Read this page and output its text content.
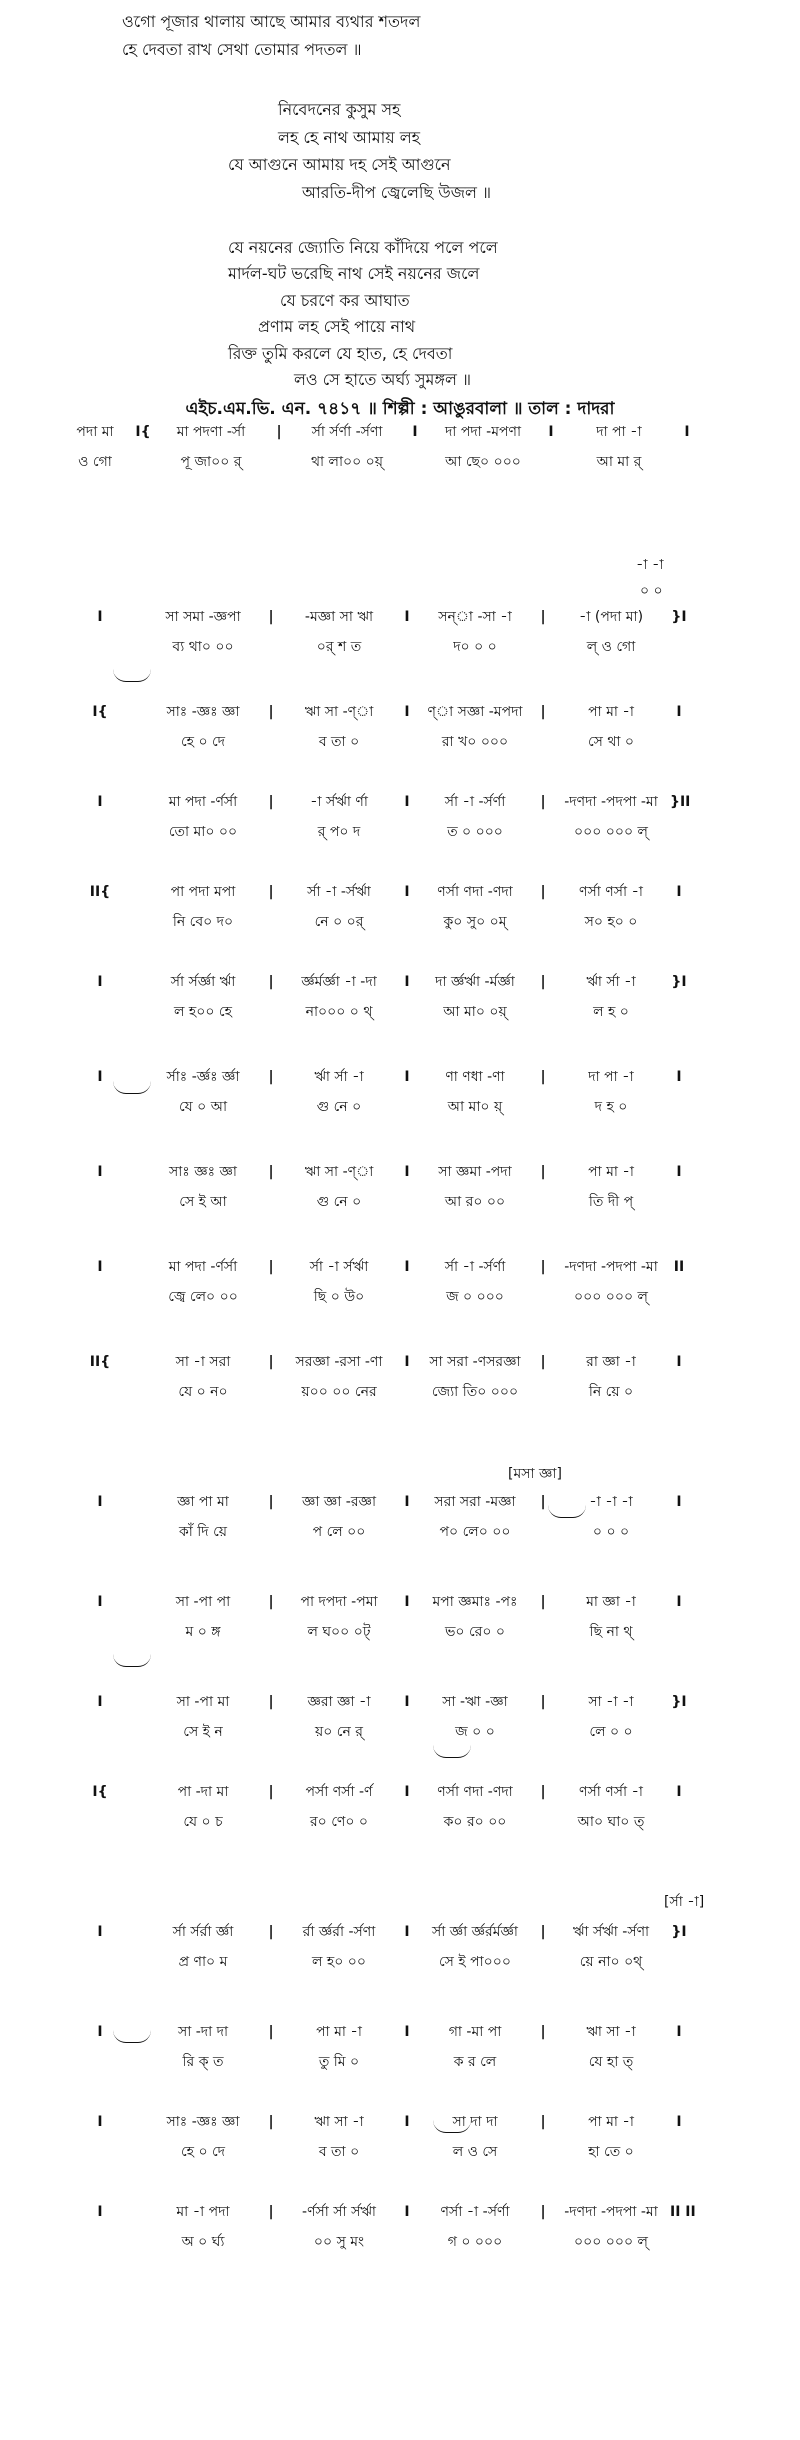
ওগো পূজার থালায় আছে আমার ব্যথার শতদল
হে দেবতা রাখ সেথা তোমার পদতল ॥
নিবেদনের কুসুম সহ
লহ হে নাথ আমায় লহ
যে আগুনে আমায় দহ সেই আগুনে
আরতি-দীপ জ্বেলেছি উজল ॥
যে নয়নের জ্যোতি নিয়ে কাঁদিয়ে পলে পলে
মার্দল-ঘট ভরেছি নাথ সেই নয়নের জলে
যে চরণে কর আঘাত
প্রণাম লহ সেই পায়ে নাথ
রিক্ত তুমি করলে যে হাত, হে দেবতা
লও সে হাতে অর্ঘ্য সুমঙ্গল ॥
এইচ.এম.ভি. এন. ৭৪১৭ ॥ শিল্পী : আঙুরবালা ॥ তাল : দাদরা
পদা মা	I{	মা পদণা -র্সা	|	র্সা র্সর্ণা -র্সণা	I	দা পদা -মপণা	I	দা পা -া	I
ও গো	পূ জা০০ র্	থা লা০০ ০য়্	আ ছে০ ০০০	আ মা র্
I	সা সমা -জ্ঞপা	|	-মজ্ঞা সা ঋা	I	সন্া -সা -া	|	-া (পদা মা)	}I
ব্য থা০ ০০	০র্ শ ত	দ০ ০ ০	ল্ ও গো
-া -া
০ ০
I{	সাঃ -জ্ঞঃ জ্ঞা	|	ঋা সা -ণ্া	I	ণ্া সজ্ঞা -মপদা	|	পা মা -া	I
হে ০ দে	ব তা ০	রা খ০ ০০০	সে থা ০
I	মা পদা -র্ণর্সা	|	-া র্সর্ঋা র্ণা	I	র্সা -া -র্সর্ণা	|	-দণদা -পদপা -মা }II
তো মা০ ০০	র্ প০ দ	ত ০ ০০০	০০০ ০০০ ল্
II{	পা পদা মপা	|	র্সা -া -র্সর্ঋা	I	ণর্সা ণদা -ণদা	|	ণর্সা ণর্সা -া	I
নি বে০ দ০	নে ০ ০র্	কু০ সু০ ০ম্	স০ হ০ ০
I	র্সা র্সর্জ্ঞা র্ঋা	|	র্জ্ঞর্মর্জ্ঞা -া -দা	I	দা র্জ্ঞর্ঋা -র্মর্জ্ঞা	|	র্ঋা র্সা -া	}I
ল হ০০ হে	না০০০ ০ থ্	আ মা০ ০য়্	ল হ ০
I	র্সাঃ -র্জ্ঞঃ র্জ্ঞা	|	র্ঋা র্সা -া	I	ণা ণধা -ণা	|	দা পা -া	I
যে ০ আ	গু নে ০	আ মা০ য়্	দ হ ০
I	সাঃ জ্ঞঃ জ্ঞা	|	ঋা সা -ণ্া	I	সা জ্ঞমা -পদা	|	পা মা -া	I
সে ই আ	গু নে ০	আ র০ ০০	তি দী প্
I	মা পদা -র্ণর্সা	|	র্সা -া র্সর্ঋা	I	র্সা -া -র্সর্ণা	|	-দণদা -পদপা -মা	II
জ্বে লে০ ০০	ছি ০ উ০	জ ০ ০০০	০০০ ০০০ ল্
II{	সা -া সরা	|	সরজ্ঞা -রসা -ণা	I	সা সরা -ণসরজ্ঞা	|	রা জ্ঞা -া	I
যে ০ ন০	য়০০ ০০ নের	জ্যো তি০ ০০০	নি য়ে ০
I	জ্ঞা পা মা	|	জ্ঞা জ্ঞা -রজ্ঞা	I	সরা সরা -মজ্ঞা	|	-া -া -া	I
কাঁ দি য়ে	প লে ০০	প০ লে০ ০০	০ ০ ০
[মসা জ্ঞা]
I	সা -পা পা	|	পা দপদা -পমা	I	মপা জ্ঞমাঃ -পঃ	|	মা জ্ঞা -া	I
ম ০ ঙ্গ	ল ঘ০০ ০ট্	ভ০ রে০ ০	ছি না থ্
I	সা -পা মা	|	জ্ঞরা জ্ঞা -া	I	সা -ঋা -জ্ঞা	|	সা -া -া	}I
সে ই ন	য়০ নে র্	জ ০ ০	লে ০ ০
I{	পা -দা মা	|	পর্সা ণর্সা -র্ণ	I	ণর্সা ণদা -ণদা	|	ণর্সা ণর্সা -া	I
যে ০ চ	র০ ণে০ ০	ক০ র০ ০০	আ০ ঘা০ ত্
I	র্সা র্সর্রা র্জ্ঞা	|	র্রা র্জ্ঞর্রা -র্সণা	I	র্সা র্জ্ঞা র্জ্ঞর্রর্মর্জ্ঞা	|	র্ঋা র্সর্ঋা -র্সণা	}I
প্র ণা০ ম	ল হ০ ০০	সে ই পা০০০	য়ে না০ ০থ্
[র্সা -া]
I	সা -দা দা	|	পা মা -া	I	গা -মা পা	|	ঋা সা -া	I
রি ক্ ত	তু মি ০	ক র লে	যে হা ত্
I	সাঃ -জ্ঞঃ জ্ঞা	|	ঋা সা -া	I	সা দা দা	|	পা মা -া	I
হে ০ দে	ব তা ০	ল ও সে	হা তে ০
I	মা -া পদা	|	-র্ণর্সা র্সা র্সর্ঋা	I	ণর্সা -া -র্সর্ণা	|	-দণদা -পদপা -মা II II
অ ০ র্ঘ্য	০০ সু মং	গ ০ ০০০	০০০ ০০০ ল্
